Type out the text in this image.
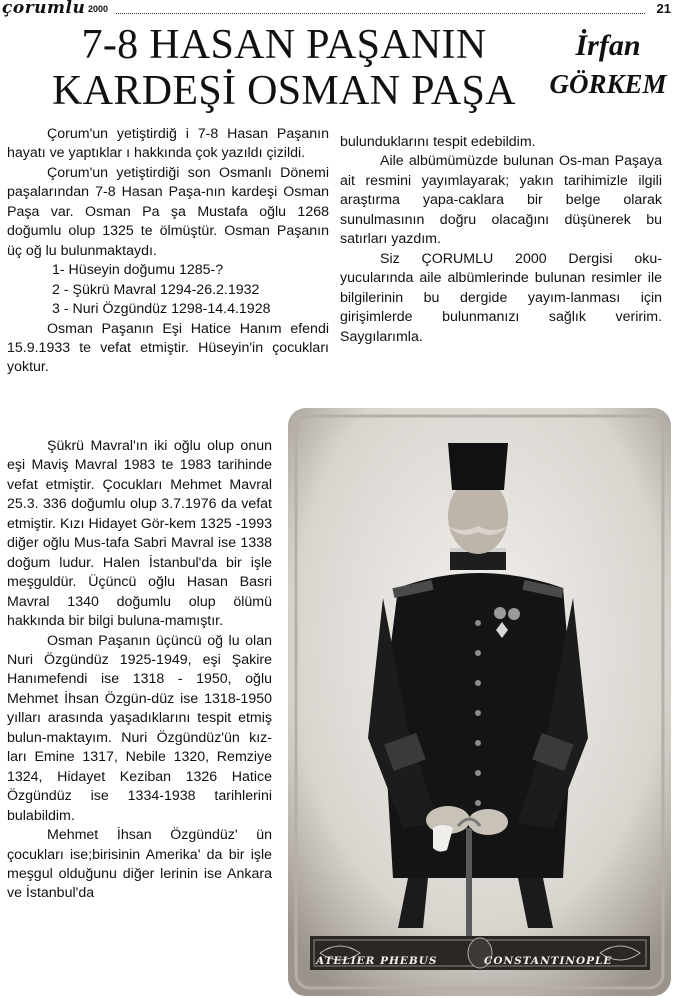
çorumlu 2000	21
7-8 HASAN PAŞANIN
KARDEŞİ OSMAN PAŞA
İrfan
GÖRKEM

Çorum'un yetiştirdiğ i 7-8 Hasan Paşanın hayatı ve yaptıklar ı hakkında çok yazıldı çizildi.

Çorum'un yetiştirdiği son Osmanlı Dönemi paşalarından 7-8 Hasan Paşa-nın kardeşi Osman Paşa var. Osman Pa şa Mustafa oğlu 1268 doğumlu olup 1325 te ölmüştür. Osman Paşanın üç oğ lu bulunmaktaydı.

1- Hüseyin doğumu 1285-?

2 - Şükrü Mavral 1294-26.2.1932

3 - Nuri Özgündüz 1298-14.4.1928

Osman Paşanın Eşi Hatice Hanım efendi 15.9.1933 te vefat etmiştir. Hüseyin'in çocukları yoktur.

Şükrü Mavral'ın iki oğlu olup onun eşi Maviş Mavral 1983 te 1983 tarihinde vefat etmiştir. Çocukları Mehmet Mavral 25.3. 336 doğumlu olup 3.7.1976 da vefat etmiştir. Kızı Hidayet Gör-kem 1325 -1993 diğer oğlu Mus-tafa Sabri Mavral ise 1338 doğum ludur. Halen İstanbul'da bir işle meşguldür. Üçüncü oğlu Hasan Basri Mavral 1340 doğumlu olup ölümü hakkında bir bilgi buluna-mamıştır.

Osman Paşanın üçüncü oğ lu olan Nuri Özgündüz 1925-1949, eşi Şakire Hanımefendi ise 1318 - 1950, oğlu Mehmet İhsan Özgün-düz ise 1318-1950 yılları arasında yaşadıklarını tespit etmiş bulun-maktayım. Nuri Özgündüz'ün kız-ları Emine 1317, Nebile 1320, Remziye 1324, Hidayet Keziban 1326 Hatice Özgündüz ise 1334-1938 tarihlerini bulabildim.

Mehmet İhsan Özgündüz' ün çocukları ise;birisinin Amerika' da bir işle meşgul olduğunu diğer lerinin ise Ankara ve İstanbul'da

bulunduklarını tespit edebildim.

Aile albümümüzde bulunan Os-man Paşaya ait resmini yayımlayarak; yakın tarihimizle ilgili araştırma yapa-caklara bir belge olarak sunulmasının doğru olacağını düşünerek bu satırları yazdım.

Siz ÇORUMLU 2000 Dergisi oku-yucularında aile albümlerinde bulunan resimler ile bilgilerinin bu dergide yayım-lanması için girişimlerde bulunmanızı sağlık veririm. Saygılarımla.

ATELIER PHEBUS	CONSTANTINOPLE
